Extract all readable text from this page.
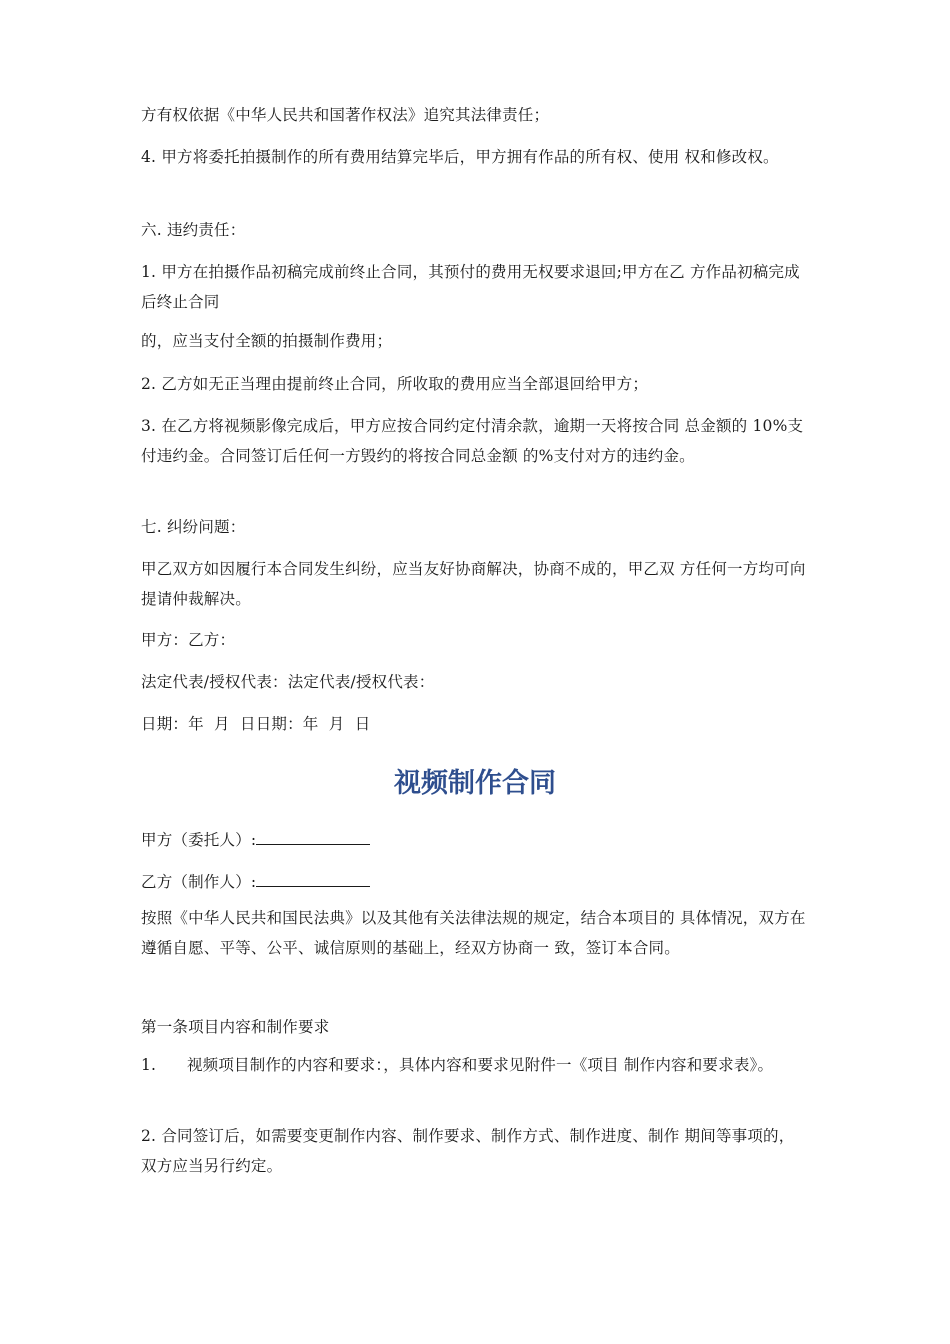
方有权依据《中华人民共和国著作权法》追究其法律责任；

4. 甲方将委托拍摄制作的所有费用结算完毕后，甲方拥有作品的所有权、使用 权和修改权。

六. 违约责任：

1. 甲方在拍摄作品初稿完成前终止合同，其预付的费用无权要求退回;甲方在乙 方作品初稿完成后终止合同

的，应当支付全额的拍摄制作费用；

2. 乙方如无正当理由提前终止合同，所收取的费用应当全部退回给甲方；

3. 在乙方将视频影像完成后，甲方应按合同约定付清余款，逾期一天将按合同 总金额的 10%支付违约金。合同签订后任何一方毁约的将按合同总金额 的%支付对方的违约金。

七. 纠纷问题：

甲乙双方如因履行本合同发生纠纷，应当友好协商解决，协商不成的，甲乙双 方任何一方均可向提请仲裁解决。

甲方：乙方：

法定代表/授权代表：法定代表/授权代表：

日期：年  月  日日期：年  月  日

视频制作合同

甲方（委托人）:

乙方（制作人）:

按照《中华人民共和国民法典》以及其他有关法律法规的规定，结合本项目的 具体情况，双方在遵循自愿、平等、公平、诚信原则的基础上，经双方协商一 致，签订本合同。

第一条项目内容和制作要求

1.      视频项目制作的内容和要求：，具体内容和要求见附件一《项目 制作内容和要求表》。

2. 合同签订后，如需要变更制作内容、制作要求、制作方式、制作进度、制作 期间等事项的，双方应当另行约定。
